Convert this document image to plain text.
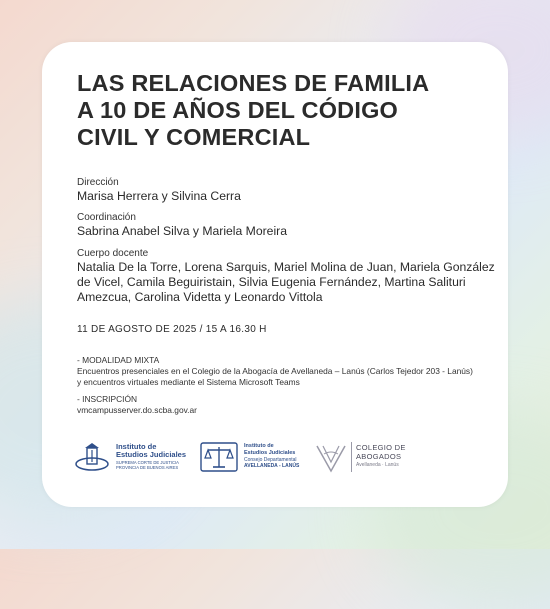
LAS RELACIONES DE FAMILIA
A 10 DE AÑOS DEL CÓDIGO
CIVIL Y COMERCIAL
Dirección
Marisa Herrera y Silvina Cerra
Coordinación
Sabrina Anabel Silva y Mariela Moreira
Cuerpo docente
Natalia De la Torre, Lorena Sarquis, Mariel Molina de Juan, Mariela González
de Vicel, Camila Beguiristain, Silvia Eugenia Fernández, Martina Salituri
Amezcua, Carolina Videtta y Leonardo Vittola
11 DE AGOSTO DE 2025 / 15 A 16.30 H
- MODALIDAD MIXTA
Encuentros presenciales en el Colegio de la Abogacía de Avellaneda – Lanús (Carlos Tejedor 203 - Lanús)
y encuentros virtuales mediante el Sistema Microsoft Teams
- INSCRIPCIÓN
vmcampusserver.do.scba.gov.ar
Instituto de
Estudios Judiciales
SUPREMA CORTE DE JUSTICIA
PROVINCIA DE BUENOS AIRES
Instituto de
Estudios Judiciales
Consejo Departamental
AVELLANEDA - LANÚS
COLEGIO DE
ABOGADOS
Avellaneda · Lanús
